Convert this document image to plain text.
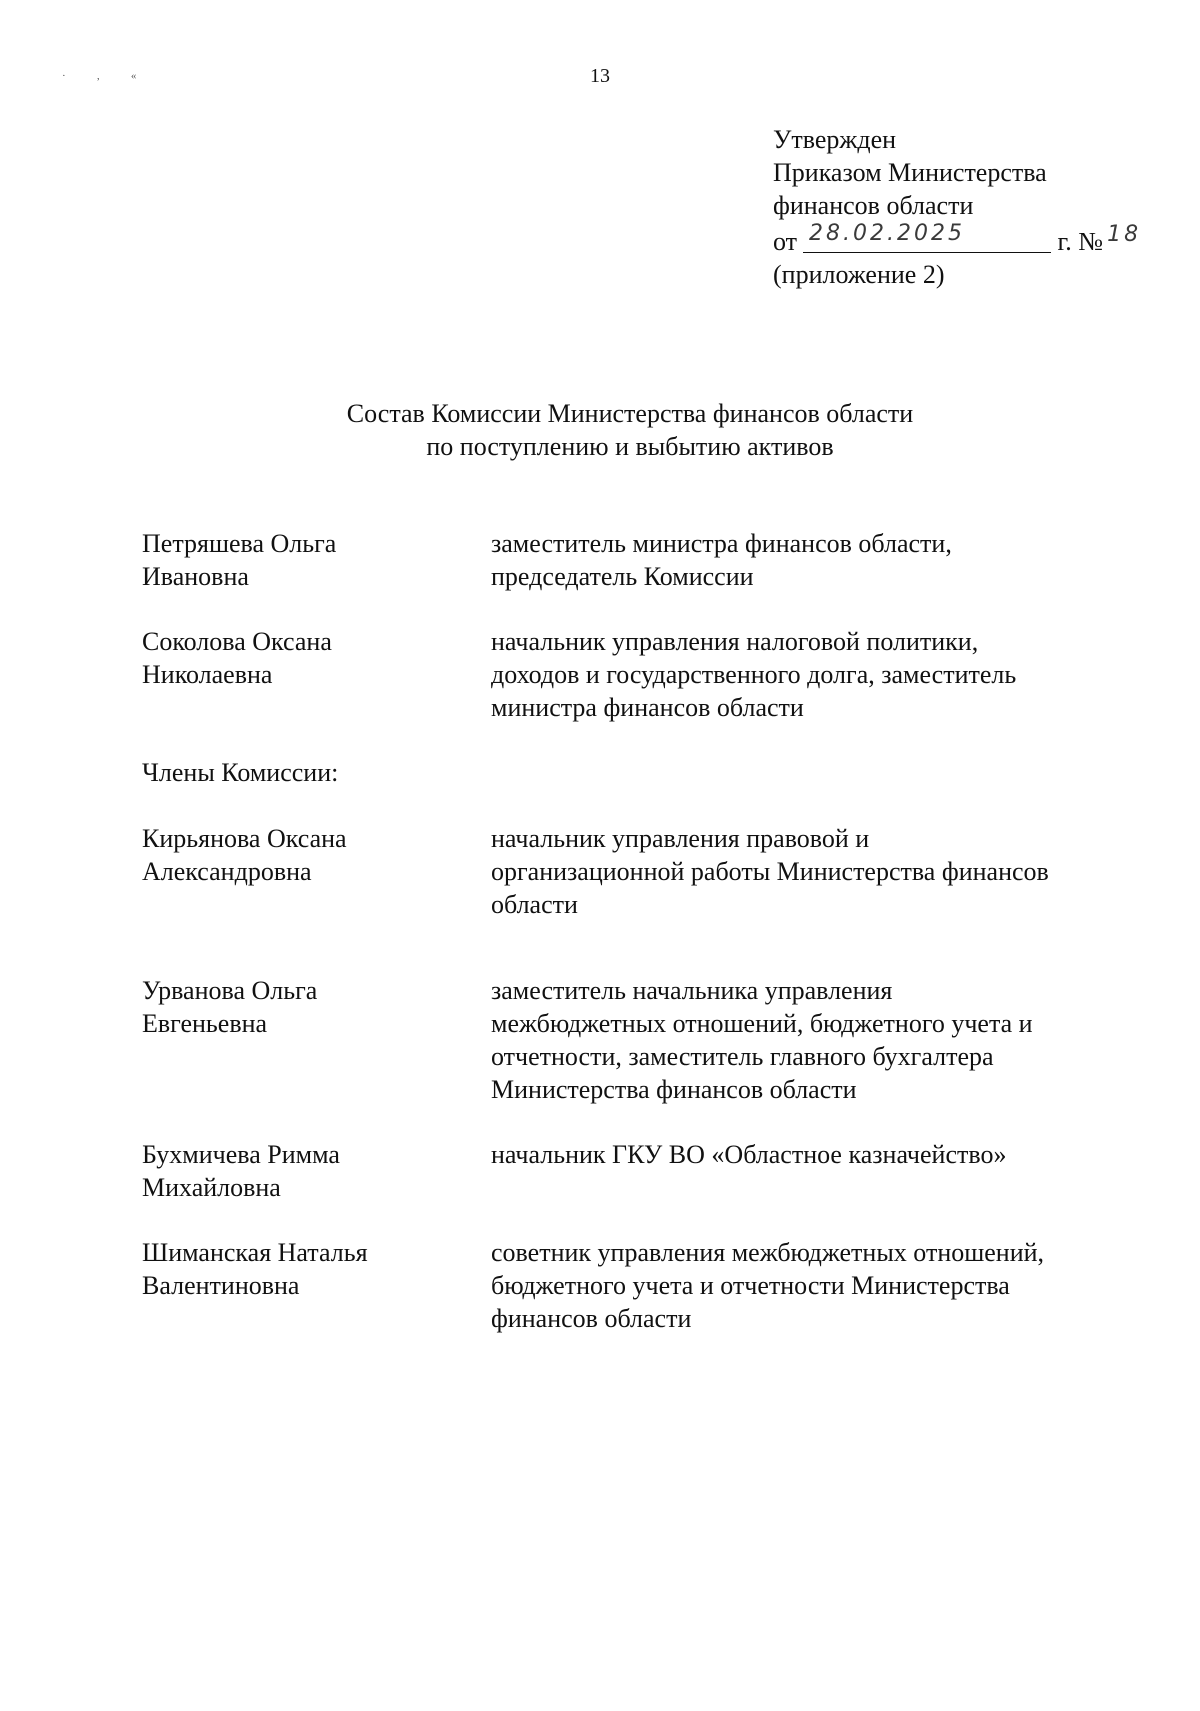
· ‚ «	13
Утвержден
Приказом Министерства
финансов области
от 28.02.2025	г. № 18
(приложение 2)
Состав Комиссии Министерства финансов области
по поступлению и выбытию активов
Петряшева Ольга
Ивановна
заместитель министра финансов области,
председатель Комиссии
Соколова Оксана
Николаевна
начальник управления налоговой политики,
доходов и государственного долга, заместитель
министра финансов области
Члены Комиссии:
Кирьянова Оксана
Александровна
начальник управления правовой и
организационной работы Министерства финансов
области
Урванова Ольга
Евгеньевна
заместитель начальника управления
межбюджетных отношений, бюджетного учета и
отчетности, заместитель главного бухгалтера
Министерства финансов области
Бухмичева Римма
Михайловна
начальник ГКУ ВО «Областное казначейство»
Шиманская Наталья
Валентиновна
советник управления межбюджетных отношений,
бюджетного учета и отчетности Министерства
финансов области
